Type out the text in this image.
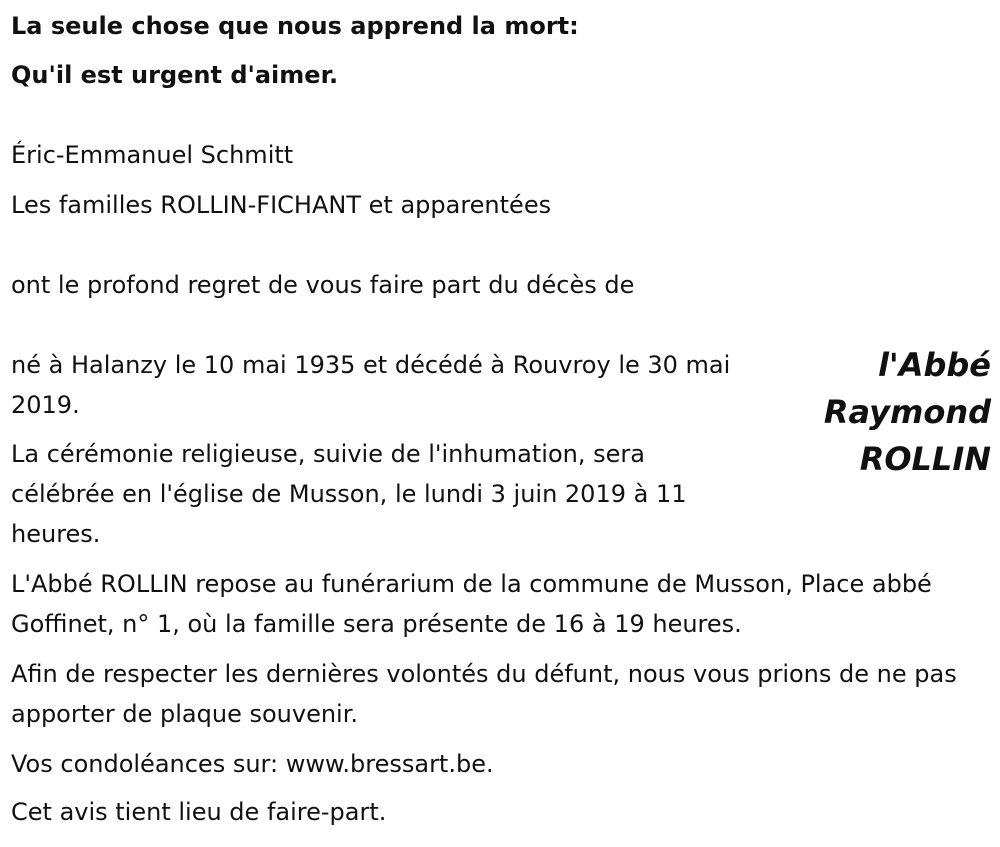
La seule chose que nous apprend la mort:
Qu'il est urgent d'aimer.
Éric-Emmanuel Schmitt
Les familles ROLLIN-FICHANT et apparentées
ont le profond regret de vous faire part du décès de
l'Abbé
Raymond
ROLLIN
né à Halanzy le 10 mai 1935 et décédé à Rouvroy le 30 mai 2019.
La cérémonie religieuse, suivie de l'inhumation, sera célébrée en l'église de Musson, le lundi 3 juin 2019 à 11 heures.
L'Abbé ROLLIN repose au funérarium de la commune de Musson, Place abbé Goffinet, n° 1, où la famille sera présente de 16 à 19 heures.
Afin de respecter les dernières volontés du défunt, nous vous prions de ne pas apporter de plaque souvenir.
Vos condoléances sur: www.bressart.be.
Cet avis tient lieu de faire-part.
